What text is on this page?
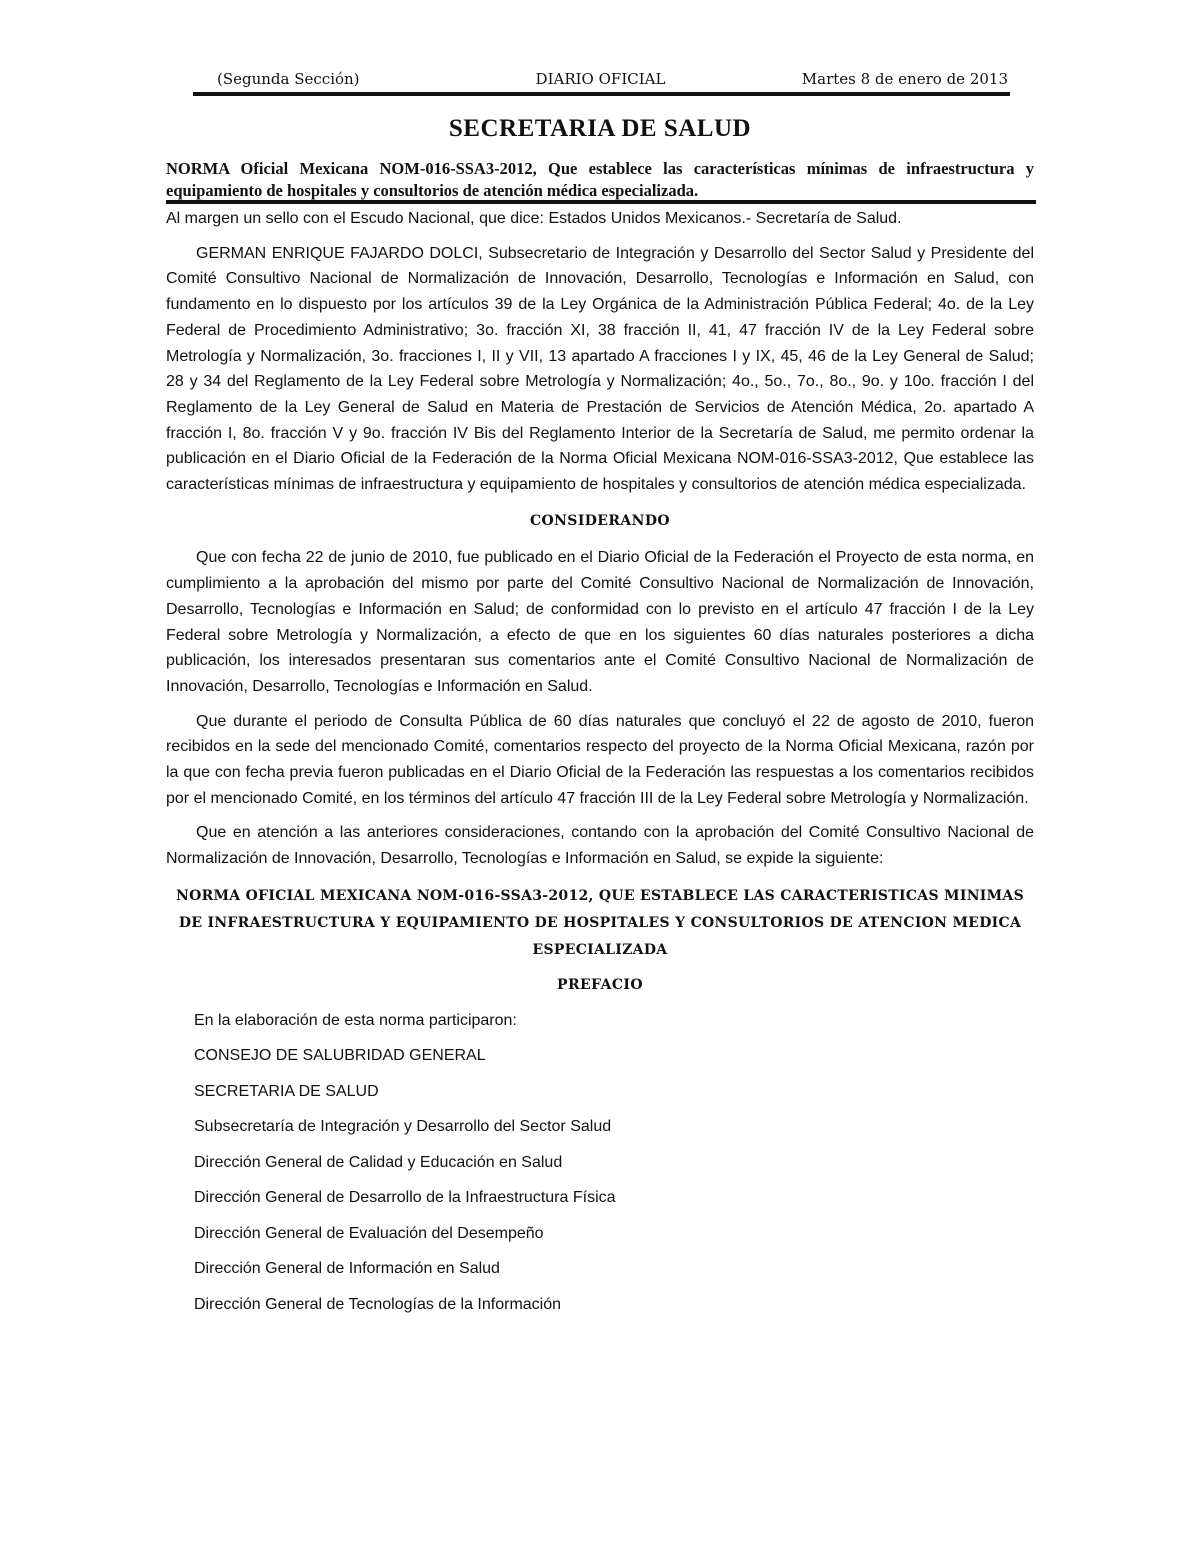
(Segunda Sección)	DIARIO OFICIAL	Martes 8 de enero de 2013
SECRETARIA DE SALUD
NORMA Oficial Mexicana NOM-016-SSA3-2012, Que establece las características mínimas de infraestructura y equipamiento de hospitales y consultorios de atención médica especializada.

Al margen un sello con el Escudo Nacional, que dice: Estados Unidos Mexicanos.- Secretaría de Salud.

GERMAN ENRIQUE FAJARDO DOLCI, Subsecretario de Integración y Desarrollo del Sector Salud y Presidente del Comité Consultivo Nacional de Normalización de Innovación, Desarrollo, Tecnologías e Información en Salud, con fundamento en lo dispuesto por los artículos 39 de la Ley Orgánica de la Administración Pública Federal; 4o. de la Ley Federal de Procedimiento Administrativo; 3o. fracción XI, 38 fracción II, 41, 47 fracción IV de la Ley Federal sobre Metrología y Normalización, 3o. fracciones I, II y VII, 13 apartado A fracciones I y IX, 45, 46 de la Ley General de Salud; 28 y 34 del Reglamento de la Ley Federal sobre Metrología y Normalización; 4o., 5o., 7o., 8o., 9o. y 10o. fracción I del Reglamento de la Ley General de Salud en Materia de Prestación de Servicios de Atención Médica, 2o. apartado A fracción I, 8o. fracción V y 9o. fracción IV Bis del Reglamento Interior de la Secretaría de Salud, me permito ordenar la publicación en el Diario Oficial de la Federación de la Norma Oficial Mexicana NOM-016-SSA3-2012, Que establece las características mínimas de infraestructura y equipamiento de hospitales y consultorios de atención médica especializada.

CONSIDERANDO

Que con fecha 22 de junio de 2010, fue publicado en el Diario Oficial de la Federación el Proyecto de esta norma, en cumplimiento a la aprobación del mismo por parte del Comité Consultivo Nacional de Normalización de Innovación, Desarrollo, Tecnologías e Información en Salud; de conformidad con lo previsto en el artículo 47 fracción I de la Ley Federal sobre Metrología y Normalización, a efecto de que en los siguientes 60 días naturales posteriores a dicha publicación, los interesados presentaran sus comentarios ante el Comité Consultivo Nacional de Normalización de Innovación, Desarrollo, Tecnologías e Información en Salud.

Que durante el periodo de Consulta Pública de 60 días naturales que concluyó el 22 de agosto de 2010, fueron recibidos en la sede del mencionado Comité, comentarios respecto del proyecto de la Norma Oficial Mexicana, razón por la que con fecha previa fueron publicadas en el Diario Oficial de la Federación las respuestas a los comentarios recibidos por el mencionado Comité, en los términos del artículo 47 fracción III de la Ley Federal sobre Metrología y Normalización.

Que en atención a las anteriores consideraciones, contando con la aprobación del Comité Consultivo Nacional de Normalización de Innovación, Desarrollo, Tecnologías e Información en Salud, se expide la siguiente:

NORMA OFICIAL MEXICANA NOM-016-SSA3-2012, QUE ESTABLECE LAS CARACTERISTICAS MINIMAS DE INFRAESTRUCTURA Y EQUIPAMIENTO DE HOSPITALES Y CONSULTORIOS DE ATENCION MEDICA ESPECIALIZADA

PREFACIO

En la elaboración de esta norma participaron:

CONSEJO DE SALUBRIDAD GENERAL

SECRETARIA DE SALUD

Subsecretaría de Integración y Desarrollo del Sector Salud

Dirección General de Calidad y Educación en Salud

Dirección General de Desarrollo de la Infraestructura Física

Dirección General de Evaluación del Desempeño

Dirección General de Información en Salud

Dirección General de Tecnologías de la Información
